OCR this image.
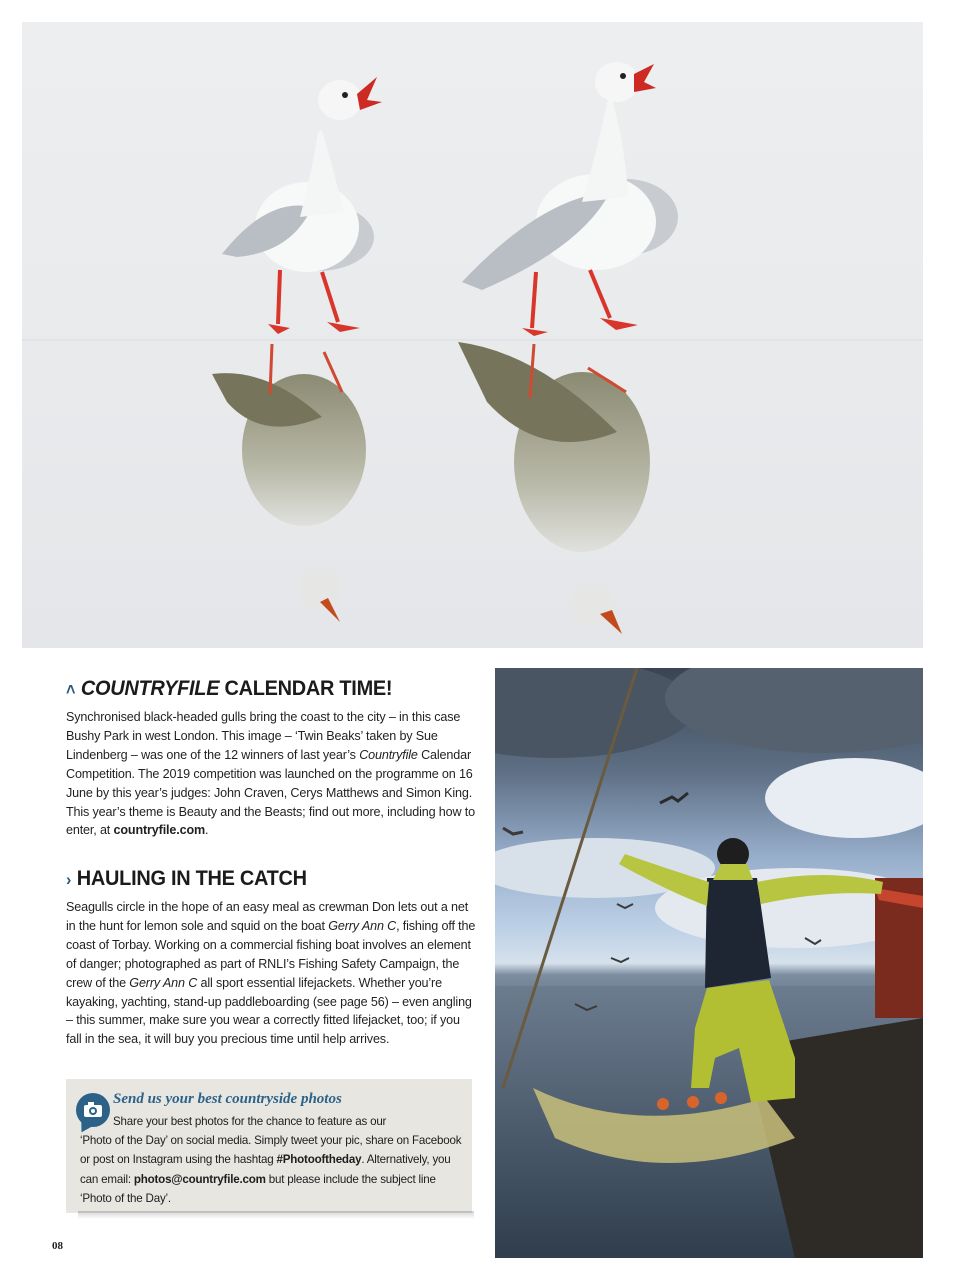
˄ COUNTRYFILE CALENDAR TIME!

Synchronised black-headed gulls bring the coast to the city – in this case Bushy Park in west London. This image – ‘Twin Beaks’ taken by Sue Lindenberg – was one of the 12 winners of last year’s Countryfile Calendar Competition. The 2019 competition was launched on the programme on 16 June by this year’s judges: John Craven, Cerys Matthews and Simon King. This year’s theme is Beauty and the Beasts; find out more, including how to enter, at countryfile.com.

› HAULING IN THE CATCH

Seagulls circle in the hope of an easy meal as crewman Don lets out a net in the hunt for lemon sole and squid on the boat Gerry Ann C, fishing off the coast of Torbay. Working on a commercial fishing boat involves an element of danger; photographed as part of RNLI’s Fishing Safety Campaign, the crew of the Gerry Ann C all sport essential lifejackets. Whether you’re kayaking, yachting, stand-up paddleboarding (see page 56) – even angling – this summer, make sure you wear a correctly fitted lifejacket, too; if you fall in the sea, it will buy you precious time until help arrives.

Send us your best countryside photos
Share your best photos for the chance to feature as our
‘Photo of the Day’ on social media. Simply tweet your pic, share on Facebook or post on Instagram using the hashtag #Photooftheday. Alternatively, you can email: photos@countryfile.com but please include the subject line ‘Photo of the Day’.
08
